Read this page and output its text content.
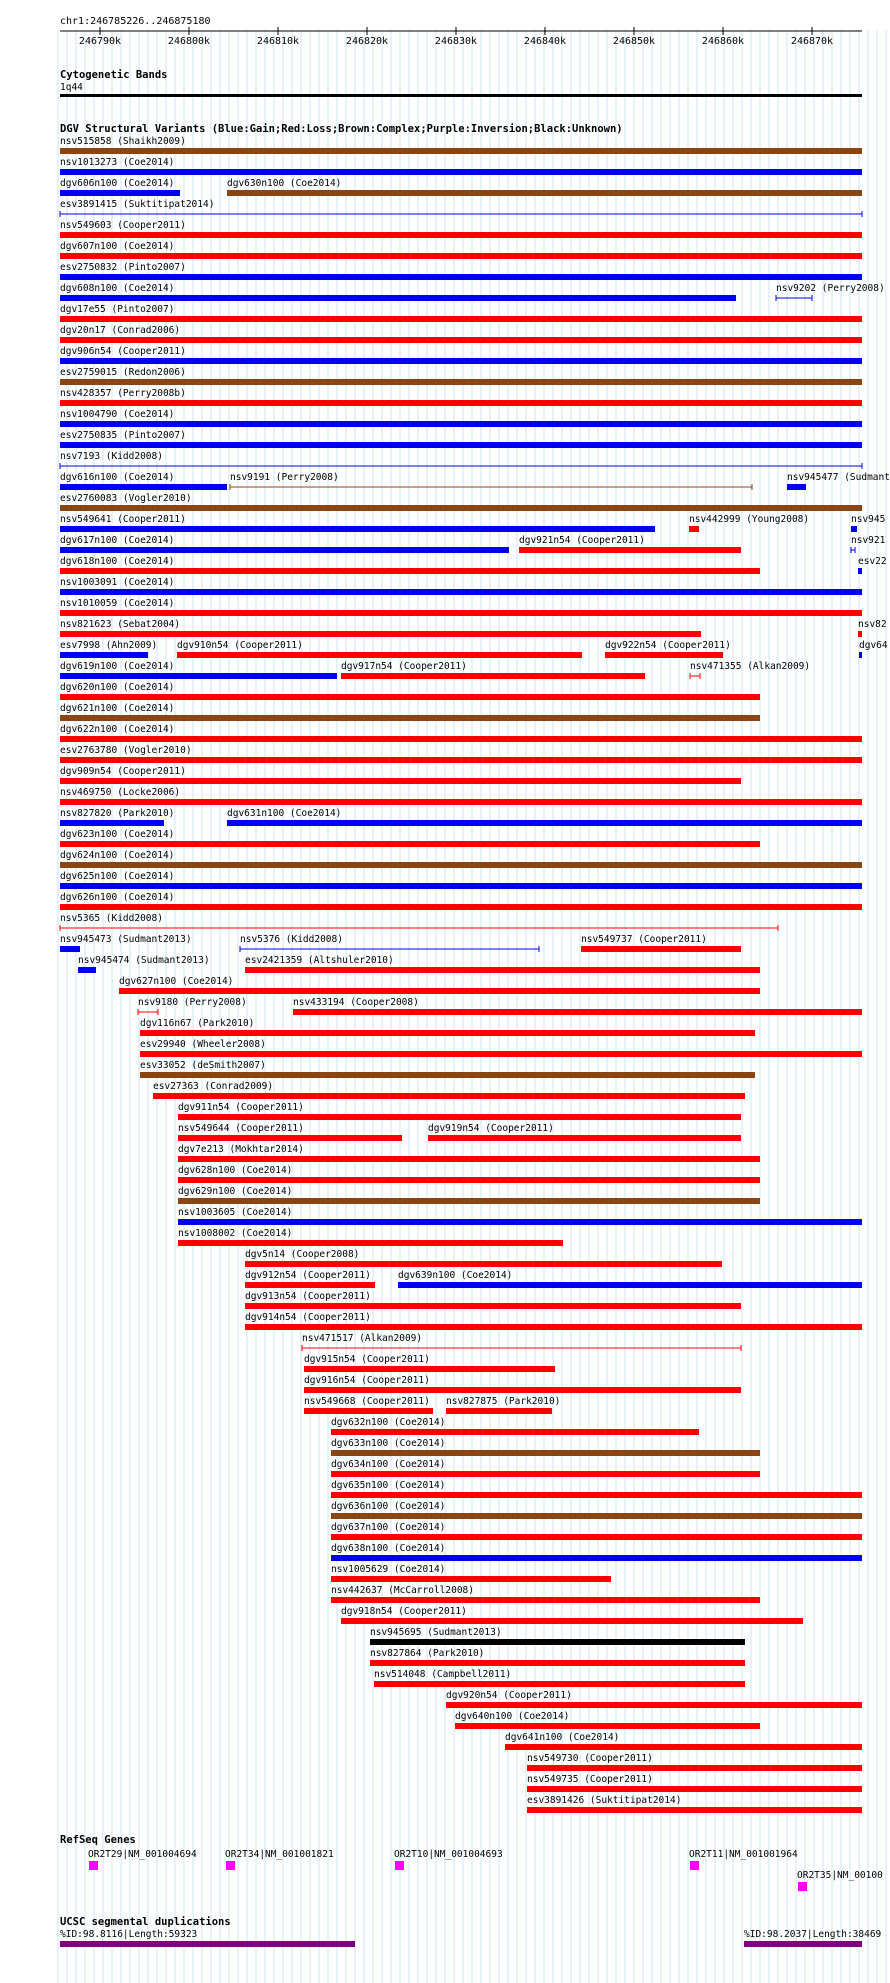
chr1:246785226..246875180
246790k	246800k	246810k	246820k	246830k	246840k	246850k	246860k	246870k
Cytogenetic Bands
1q44
DGV Structural Variants (Blue:Gain;Red:Loss;Brown:Complex;Purple:Inversion;Black:Unknown)
nsv515858 (Shaikh2009)
nsv1013273 (Coe2014)
dgv606n100 (Coe2014)	dgv630n100 (Coe2014)
esv3891415 (Suktitipat2014)
nsv549603 (Cooper2011)
dgv607n100 (Coe2014)
esv2750832 (Pinto2007)
dgv608n100 (Coe2014)	nsv9202 (Perry2008)
dgv17e55 (Pinto2007)
dgv20n17 (Conrad2006)
dgv906n54 (Cooper2011)
esv2759015 (Redon2006)
nsv428357 (Perry2008b)
nsv1004790 (Coe2014)
esv2750835 (Pinto2007)
nsv7193 (Kidd2008)
dgv616n100 (Coe2014)	nsv9191 (Perry2008)	nsv945477 (Sudmant
esv2760083 (Vogler2010)
nsv549641 (Cooper2011)	nsv442999 (Young2008)	nsv945
dgv617n100 (Coe2014)	dgv921n54 (Cooper2011)	nsv921
dgv618n100 (Coe2014)	esv22
nsv1003091 (Coe2014)
nsv1010059 (Coe2014)
nsv821623 (Sebat2004)	nsv82
esv7998 (Ahn2009) dgv910n54 (Cooper2011)	dgv922n54 (Cooper2011)	dgv64
dgv619n100 (Coe2014)	dgv917n54 (Cooper2011)	nsv471355 (Alkan2009)
dgv620n100 (Coe2014)
dgv621n100 (Coe2014)
dgv622n100 (Coe2014)
esv2763780 (Vogler2010)
dgv909n54 (Cooper2011)
nsv469750 (Locke2006)
nsv827820 (Park2010)	dgv631n100 (Coe2014)
dgv623n100 (Coe2014)
dgv624n100 (Coe2014)
dgv625n100 (Coe2014)
dgv626n100 (Coe2014)
nsv5365 (Kidd2008)
nsv945473 (Sudmant2013)	nsv5376 (Kidd2008)	nsv549737 (Cooper2011)
nsv945474 (Sudmant2013)	esv2421359 (Altshuler2010)
dgv627n100 (Coe2014)
nsv9180 (Perry2008)	nsv433194 (Cooper2008)
dgv116n67 (Park2010)
esv29940 (Wheeler2008)
esv33052 (deSmith2007)
esv27363 (Conrad2009)
dgv911n54 (Cooper2011)
nsv549644 (Cooper2011)	dgv919n54 (Cooper2011)
dgv7e213 (Mokhtar2014)
dgv628n100 (Coe2014)
dgv629n100 (Coe2014)
nsv1003605 (Coe2014)
nsv1008002 (Coe2014)
dgv5n14 (Cooper2008)
dgv912n54 (Cooper2011)	dgv639n100 (Coe2014)
dgv913n54 (Cooper2011)
dgv914n54 (Cooper2011)
nsv471517 (Alkan2009)
dgv915n54 (Cooper2011)
dgv916n54 (Cooper2011)
nsv549668 (Cooper2011) nsv827875 (Park2010)
dgv632n100 (Coe2014)
dgv633n100 (Coe2014)
dgv634n100 (Coe2014)
dgv635n100 (Coe2014)
dgv636n100 (Coe2014)
dgv637n100 (Coe2014)
dgv638n100 (Coe2014)
nsv1005629 (Coe2014)
nsv442637 (McCarroll2008)
dgv918n54 (Cooper2011)
nsv945695 (Sudmant2013)
nsv827864 (Park2010)
nsv514048 (Campbell2011)
dgv920n54 (Cooper2011)
dgv640n100 (Coe2014)
dgv641n100 (Coe2014)
nsv549730 (Cooper2011)
nsv549735 (Cooper2011)
esv3891426 (Suktitipat2014)
RefSeq Genes
OR2T29|NM_001004694	OR2T34|NM_001001821	OR2T10|NM_001004693	OR2T11|NM_001001964
OR2T35|NM_00100
UCSC segmental duplications
%ID:98.8116|Length:59323	%ID:98.2037|Length:38469
